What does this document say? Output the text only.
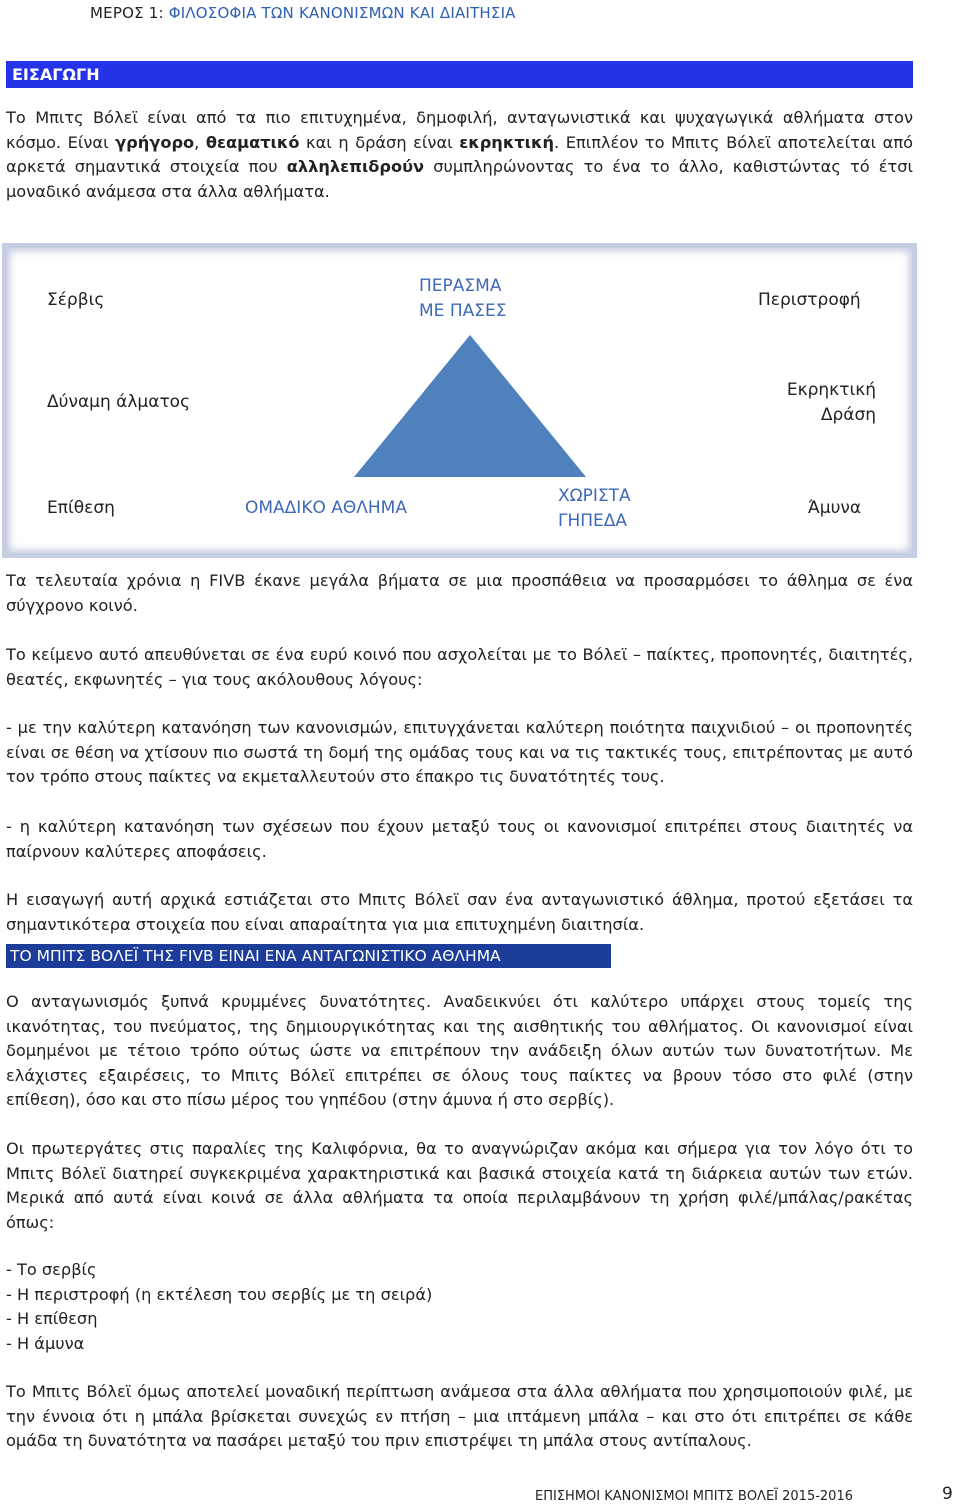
ΜΕΡΟΣ 1: ΦΙΛΟΣΟΦΙΑ ΤΩΝ ΚΑΝΟΝΙΣΜΩΝ ΚΑΙ ΔΙΑΙΤΗΣΙΑ
ΕΙΣΑΓΩΓΗ
Το Μπιτς Βόλεϊ είναι από τα πιο επιτυχημένα, δημοφιλή, ανταγωνιστικά και ψυχαγωγικά αθλήματα στον κόσμο. Είναι γρήγορο, θεαματικό και η δράση είναι εκρηκτική. Επιπλέον το Μπιτς Βόλεϊ αποτελείται από αρκετά σημαντικά στοιχεία που αλληλεπιδρούν συμπληρώνοντας το ένα το άλλο, καθιστώντας τό έτσι μοναδικό ανάμεσα στα άλλα αθλήματα.
Σέρβις
ΠΕΡΑΣΜΑ
ΜΕ ΠΑΣΕΣ
Περιστροφή
Δύναμη άλματος
Εκρηκτική
Δράση
Επίθεση	ΟΜΑΔΙΚΟ ΑΘΛΗΜΑ
ΧΩΡΙΣΤΑ
ΓΗΠΕΔΑ
Άμυνα
Τα τελευταία χρόνια η FIVB έκανε μεγάλα βήματα σε μια προσπάθεια να προσαρμόσει το άθλημα σε ένα σύγχρονο κοινό.
Το κείμενο αυτό απευθύνεται σε ένα ευρύ κοινό που ασχολείται με το Βόλεϊ – παίκτες, προπονητές, διαιτητές, θεατές, εκφωνητές – για τους ακόλουθους λόγους:
- με την καλύτερη κατανόηση των κανονισμών, επιτυγχάνεται καλύτερη ποιότητα παιχνιδιού – οι προπονητές είναι σε θέση να χτίσουν πιο σωστά τη δομή της ομάδας τους και να τις τακτικές τους, επιτρέποντας με αυτό τον τρόπο στους παίκτες να εκμεταλλευτούν στο έπακρο τις δυνατότητές τους.
- η καλύτερη κατανόηση των σχέσεων που έχουν μεταξύ τους οι κανονισμοί επιτρέπει στους διαιτητές να παίρνουν καλύτερες αποφάσεις.
Η εισαγωγή αυτή αρχικά εστιάζεται στο Μπιτς Βόλεϊ σαν ένα ανταγωνιστικό άθλημα, προτού εξετάσει τα σημαντικότερα στοιχεία που είναι απαραίτητα για μια επιτυχημένη διαιτησία.
ΤΟ ΜΠΙΤΣ ΒΟΛΕΪ ΤΗΣ FIVB ΕΙΝΑΙ ΕΝΑ ΑΝΤΑΓΩΝΙΣΤΙΚΟ ΑΘΛΗΜΑ
Ο ανταγωνισμός ξυπνά κρυμμένες δυνατότητες. Αναδεικνύει ότι καλύτερο υπάρχει στους τομείς της ικανότητας, του πνεύματος, της δημιουργικότητας και της αισθητικής του αθλήματος. Οι κανονισμοί είναι δομημένοι με τέτοιο τρόπο ούτως ώστε να επιτρέπουν την ανάδειξη όλων αυτών των δυνατοτήτων. Με ελάχιστες εξαιρέσεις, το Μπιτς Βόλεϊ επιτρέπει σε όλους τους παίκτες να βρουν τόσο στο φιλέ (στην επίθεση), όσο και στο πίσω μέρος του γηπέδου (στην άμυνα ή στο σερβίς).
Οι πρωτεργάτες στις παραλίες της Καλιφόρνια, θα το αναγνώριζαν ακόμα και σήμερα για τον λόγο ότι το Μπιτς Βόλεϊ διατηρεί συγκεκριμένα χαρακτηριστικά και βασικά στοιχεία κατά τη διάρκεια αυτών των ετών. Μερικά από αυτά είναι κοινά σε άλλα αθλήματα τα οποία περιλαμβάνουν τη χρήση φιλέ/μπάλας/ρακέτας όπως:
- Το σερβίς
- Η περιστροφή (η εκτέλεση του σερβίς με τη σειρά)
- Η επίθεση
- Η άμυνα
Το Μπιτς Βόλεϊ όμως αποτελεί μοναδική περίπτωση ανάμεσα στα άλλα αθλήματα που χρησιμοποιούν φιλέ, με την έννοια ότι η μπάλα βρίσκεται συνεχώς εν πτήση – μια ιπτάμενη μπάλα – και στο ότι επιτρέπει σε κάθε ομάδα τη δυνατότητα να πασάρει μεταξύ του πριν επιστρέψει τη μπάλα στους αντίπαλους.
ΕΠΙΣΗΜΟΙ ΚΑΝΟΝΙΣΜΟΙ ΜΠΙΤΣ ΒΟΛΕΪ 2015-2016	9
